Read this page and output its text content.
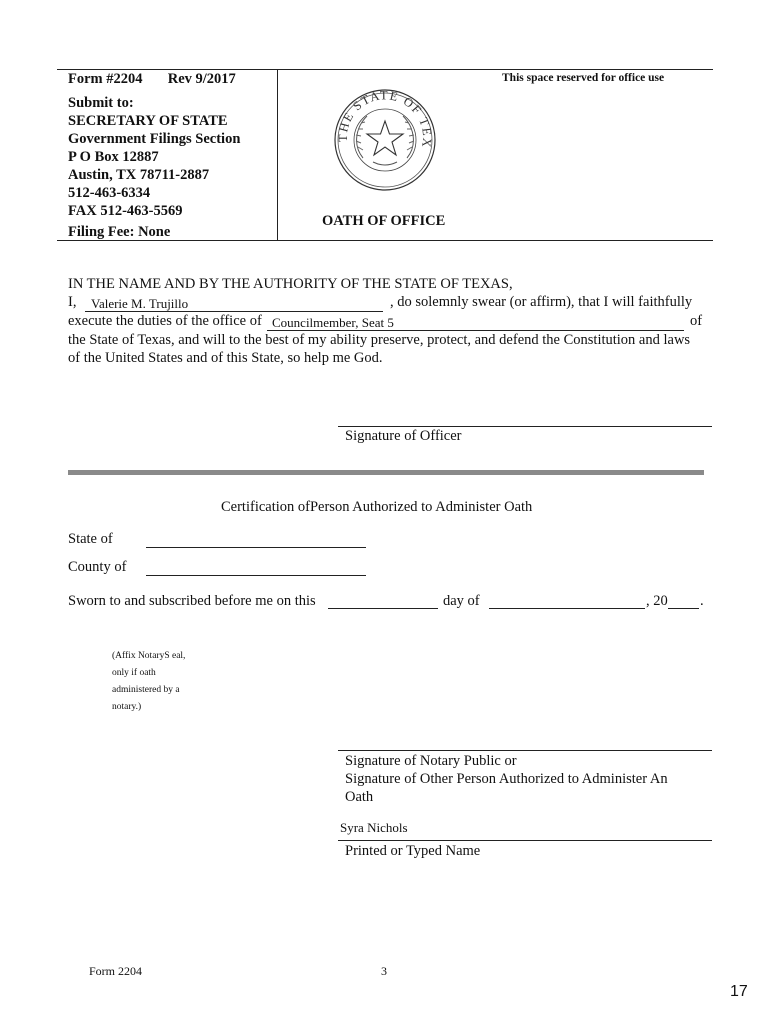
Form #2204 Rev 9/2017
Submit to:
SECRETARY OF STATE
Government Filings Section
P O Box 12887
Austin, TX 78711-2887
512-463-6334
FAX 512-463-5569
Filing Fee: None
This space reserved for office use
THE STATE OF TEX
OATH OF OFFICE
IN THE NAME AND BY THE AUTHORITY OF THE STATE OF TEXAS,
I, Valerie M. Trujillo	, do solemnly swear (or affirm), that I will faithfully
execute the duties of the office of Councilmember, Seat 5	of
the State of Texas, and will to the best of my ability preserve, protect, and defend the Constitution and laws
of the United States and of this State, so help me God.
Signature of Officer
Certification ofPerson Authorized to Administer Oath
State of
County of
Sworn to and subscribed before me on this	day of	, 20 .
(Affix NotaryS eal,
only if oath
administered by a
notary.)
Signature of Notary Public or
Signature of Other Person Authorized to Administer An
Oath
Syra Nichols
Printed or Typed Name
Form 2204	3
17
